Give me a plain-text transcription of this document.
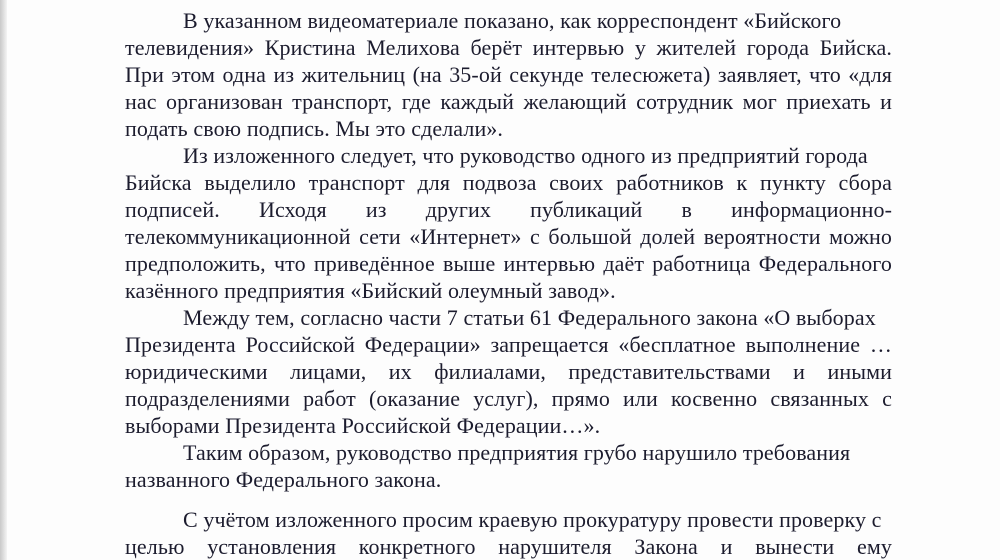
В указанном видеоматериале показано, как корреспондент «Бийского
телевидения» Кристина Мелихова берёт интервью у жителей города Бийска.
При этом одна из жительниц (на 35-ой секунде телесюжета) заявляет, что «для
нас организован транспорт, где каждый желающий сотрудник мог приехать и
подать свою подпись. Мы это сделали».
Из изложенного следует, что руководство одного из предприятий города
Бийска выделило транспорт для подвоза своих работников к пункту сбора
подписей. Исходя из других публикаций в информационно-
телекоммуникационной сети «Интернет» с большой долей вероятности можно
предположить, что приведённое выше интервью даёт работница Федерального
казённого предприятия «Бийский олеумный завод».
Между тем, согласно части 7 статьи 61 Федерального закона «О выборах
Президента Российской Федерации» запрещается «бесплатное выполнение …
юридическими лицами, их филиалами, представительствами и иными
подразделениями работ (оказание услуг), прямо или косвенно связанных с
выборами Президента Российской Федерации…».
Таким образом, руководство предприятия грубо нарушило требования
названного Федерального закона.
С учётом изложенного просим краевую прокуратуру провести проверку с
целью установления конкретного нарушителя Закона и вынести ему
